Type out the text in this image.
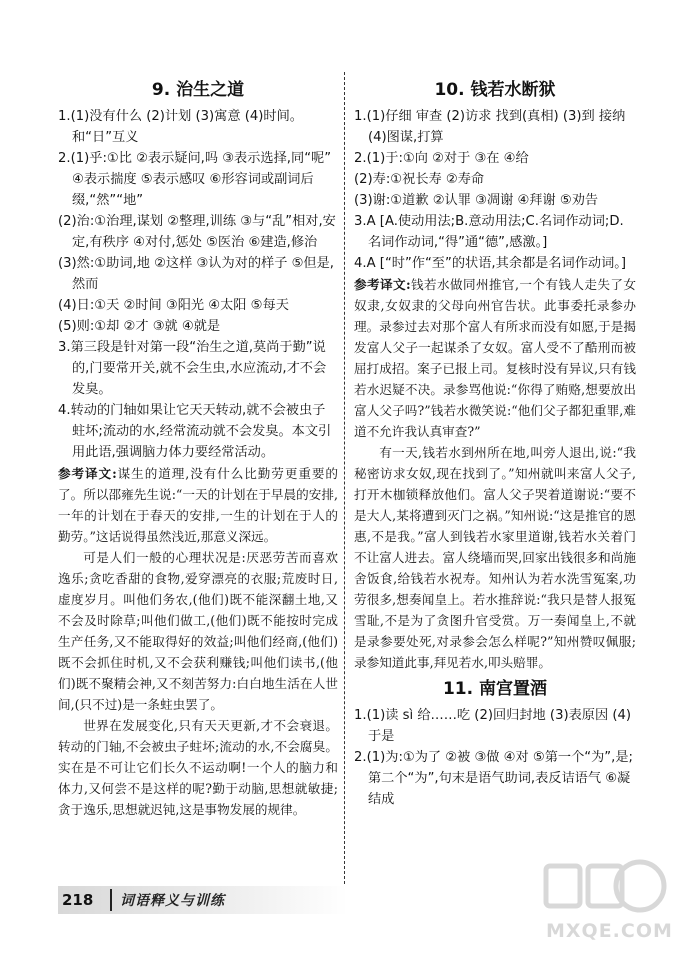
9. 治生之道

1.(1)没有什么 (2)计划 (3)寓意 (4)时间。和“日”互义

2.(1)乎:①比 ②表示疑问,吗 ③表示选择,同“呢” ④表示揣度 ⑤表示感叹 ⑥形容词或副词后缀,“然”“地”

(2)治:①治理,谋划 ②整理,训练 ③与“乱”相对,安定,有秩序 ④对付,惩处 ⑤医治 ⑥建造,修治

(3)然:①助词,地 ②这样 ③认为对的样子 ⑤但是,然而

(4)日:①天 ②时间 ③阳光 ④太阳 ⑤每天

(5)则:①却 ②才 ③就 ④就是

3.第三段是针对第一段“治生之道,莫尚于勤”说的,门要常开关,就不会生虫,水应流动,才不会发臭。

4.转动的门轴如果让它天天转动,就不会被虫子蛀坏;流动的水,经常流动就不会发臭。本文引用此语,强调脑力体力要经常活动。

参考译文:谋生的道理,没有什么比勤劳更重要的了。所以邵雍先生说:“一天的计划在于早晨的安排,一年的计划在于春天的安排,一生的计划在于人的勤劳。”这话说得虽然浅近,那意义深远。

可是人们一般的心理状况是:厌恶劳苦而喜欢逸乐;贪吃香甜的食物,爱穿漂亮的衣服;荒废时日,虚度岁月。叫他们务农,(他们)既不能深翻土地,又不会及时除草;叫他们做工,(他们)既不能按时完成生产任务,又不能取得好的效益;叫他们经商,(他们)既不会抓住时机,又不会获利赚钱;叫他们读书,(他们)既不聚精会神,又不刻苦努力:白白地生活在人世间,(只不过)是一条蛀虫罢了。

世界在发展变化,只有天天更新,才不会衰退。转动的门轴,不会被虫子蛀坏;流动的水,不会腐臭。实在是不可让它们长久不运动啊!一个人的脑力和体力,又何尝不是这样的呢?勤于动脑,思想就敏捷;贪于逸乐,思想就迟钝,这是事物发展的规律。

10. 钱若水断狱

1.(1)仔细 审查 (2)访求 找到(真相) (3)到 接纳 (4)图谋,打算

2.(1)于:①向 ②对于 ③在 ④给

(2)寿:①祝长寿 ②寿命

(3)谢:①道歉 ②认罪 ③凋谢 ④拜谢 ⑤劝告

3.A [A.使动用法;B.意动用法;C.名词作动词;D.名词作动词,“得”通“德”,感激。]

4.A [“时”作“至”的状语,其余都是名词作动词。]

参考译文:钱若水做同州推官,一个有钱人走失了女奴隶,女奴隶的父母向州官告状。此事委托录参办理。录参过去对那个富人有所求而没有如愿,于是揭发富人父子一起谋杀了女奴。富人受不了酷刑而被屈打成招。案子已报上司。复核时没有异议,只有钱若水迟疑不决。录参骂他说:“你得了贿赂,想要放出富人父子吗?”钱若水微笑说:“他们父子都犯重罪,难道不允许我认真审查?”

有一天,钱若水到州所在地,叫旁人退出,说:“我秘密访求女奴,现在找到了。”知州就叫来富人父子,打开木枷锁释放他们。富人父子哭着道谢说:“要不是大人,某将遭到灭门之祸。”知州说:“这是推官的恩惠,不是我。”富人到钱若水家里道谢,钱若水关着门不让富人进去。富人绕墙而哭,回家出钱很多和尚施舍饭食,给钱若水祝寿。知州认为若水洗雪冤案,功劳很多,想奏闻皇上。若水推辞说:“我只是替人报冤雪耻,不是为了贪图升官受赏。万一奏闻皇上,不就是录参要处死,对录参会怎么样呢?”知州赞叹佩服;录参知道此事,拜见若水,叩头赔罪。

11. 南宫置酒

1.(1)读 sì 给……吃 (2)回归封地 (3)表原因 (4)于是

2.(1)为:①为了 ②被 ③做 ④对 ⑤第一个“为”,是;第二个“为”,句末是语气助词,表反诘语气 ⑥凝结成

218	词语释义与训练
MXQE.COM
